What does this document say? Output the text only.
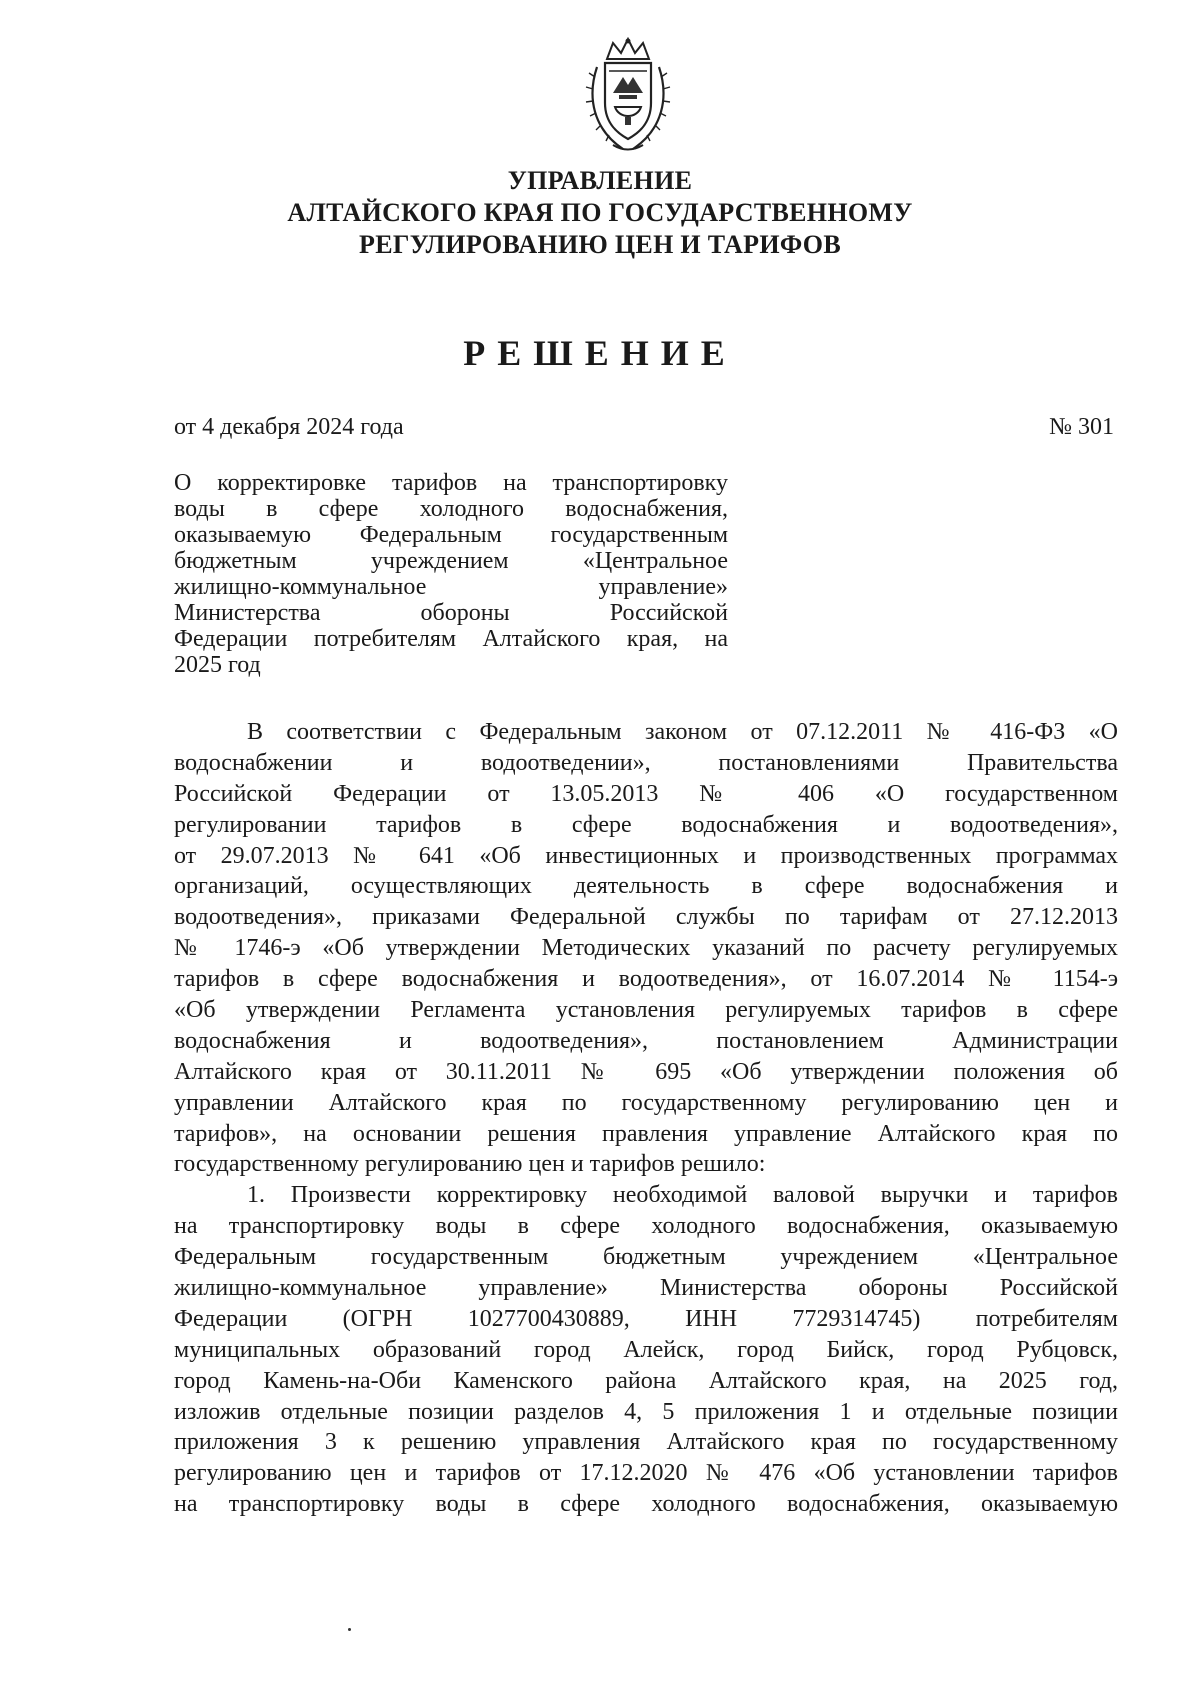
УПРАВЛЕНИЕ
АЛТАЙСКОГО КРАЯ ПО ГОСУДАРСТВЕННОМУ
РЕГУЛИРОВАНИЮ ЦЕН И ТАРИФОВ
РЕШЕНИЕ
от 4 декабря 2024 года	№ 301
О корректировке тарифов на транспортировку
воды в сфере холодного водоснабжения,
оказываемую Федеральным государственным
бюджетным учреждением «Центральное
жилищно-коммунальное управление»
Министерства обороны Российской
Федерации потребителям Алтайского края, на
2025 год
В соответствии с Федеральным законом от 07.12.2011 № 416-ФЗ «О
водоснабжении и водоотведении», постановлениями Правительства
Российской Федерации от 13.05.2013 № 406 «О государственном
регулировании тарифов в сфере водоснабжения и водоотведения»,
от 29.07.2013 № 641 «Об инвестиционных и производственных программах
организаций, осуществляющих деятельность в сфере водоснабжения и
водоотведения», приказами Федеральной службы по тарифам от 27.12.2013
№ 1746-э «Об утверждении Методических указаний по расчету регулируемых
тарифов в сфере водоснабжения и водоотведения», от 16.07.2014 № 1154-э
«Об утверждении Регламента установления регулируемых тарифов в сфере
водоснабжения и водоотведения», постановлением Администрации
Алтайского края от 30.11.2011 № 695 «Об утверждении положения об
управлении Алтайского края по государственному регулированию цен и
тарифов», на основании решения правления управление Алтайского края по
государственному регулированию цен и тарифов решило:
1. Произвести корректировку необходимой валовой выручки и тарифов
на транспортировку воды в сфере холодного водоснабжения, оказываемую
Федеральным государственным бюджетным учреждением «Центральное
жилищно-коммунальное управление» Министерства обороны Российской
Федерации (ОГРН 1027700430889, ИНН 7729314745) потребителям
муниципальных образований город Алейск, город Бийск, город Рубцовск,
город Камень-на-Оби Каменского района Алтайского края, на 2025 год,
изложив отдельные позиции разделов 4, 5 приложения 1 и отдельные позиции
приложения 3 к решению управления Алтайского края по государственному
регулированию цен и тарифов от 17.12.2020 № 476 «Об установлении тарифов
на транспортировку воды в сфере холодного водоснабжения, оказываемую
